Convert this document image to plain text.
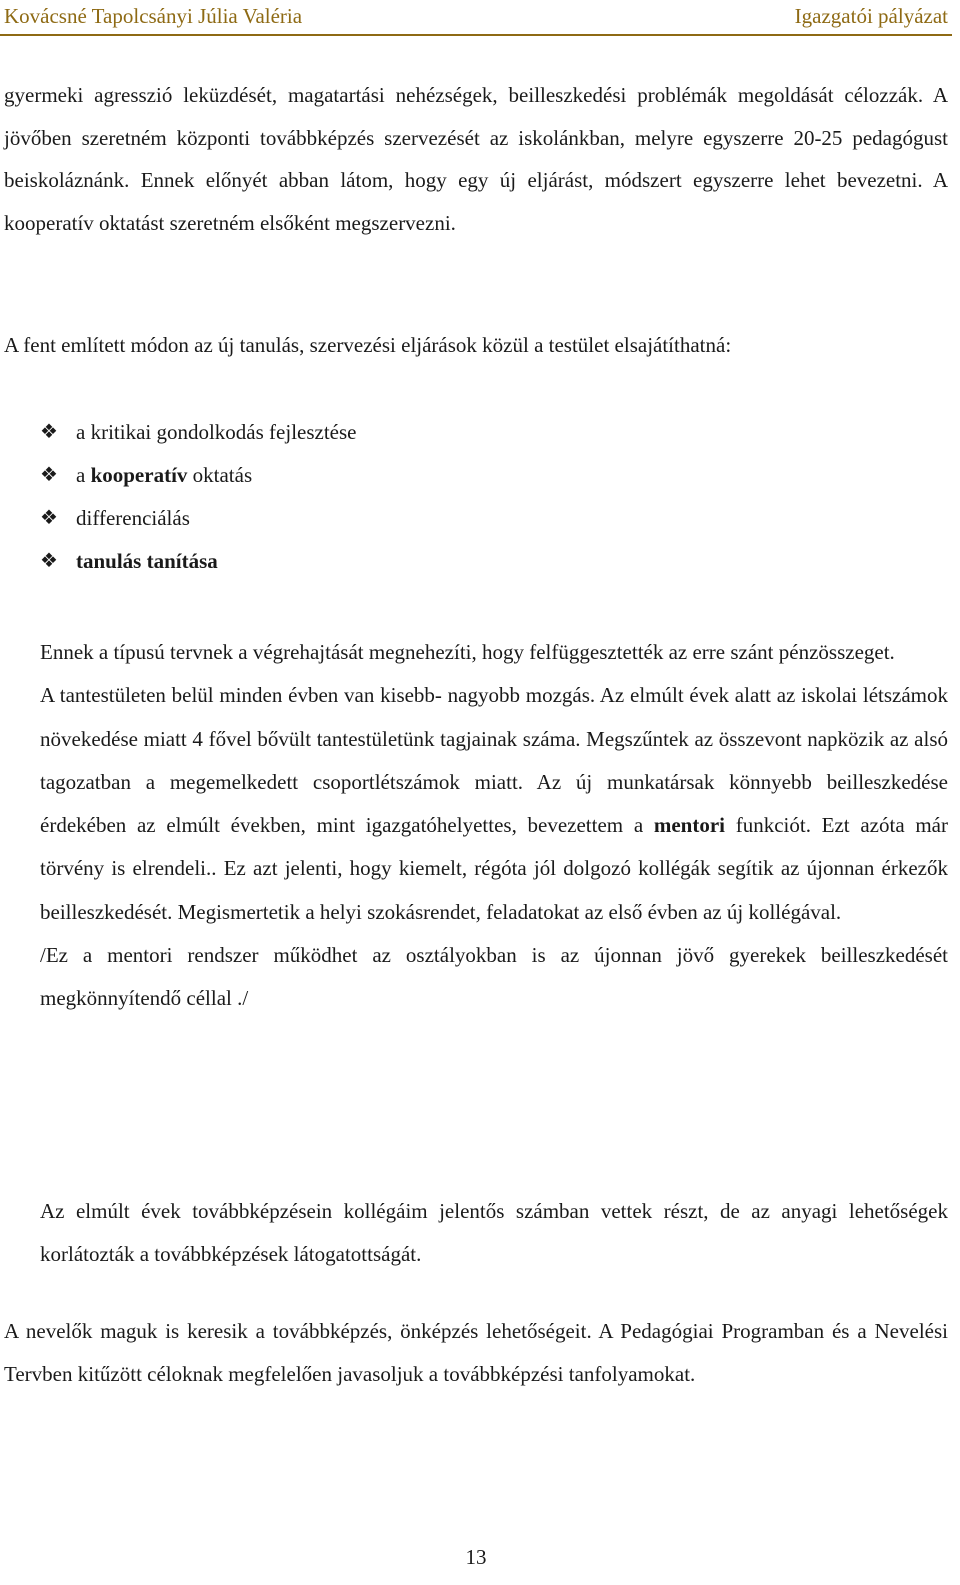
Kovácsné Tapolcsányi Júlia Valéria	Igazgatói pályázat
gyermeki agresszió leküzdését, magatartási nehézségek, beilleszkedési problémák megoldását célozzák. A jövőben szeretném központi továbbképzés szervezését az iskolánkban, melyre egyszerre 20-25 pedagógust beiskoláznánk. Ennek előnyét abban látom, hogy egy új eljárást, módszert egyszerre lehet bevezetni. A kooperatív oktatást szeretném elsőként megszervezni.
A fent említett módon az új tanulás, szervezési eljárások közül a testület elsajátíthatná:
❖ a kritikai gondolkodás fejlesztése
❖ a kooperatív oktatás
❖ differenciálás
❖ tanulás tanítása
Ennek a típusú tervnek a végrehajtását megnehezíti, hogy felfüggesztették az erre szánt pénzösszeget.
A tantestületen belül minden évben van kisebb- nagyobb mozgás. Az elmúlt évek alatt az iskolai létszámok növekedése miatt 4 fővel bővült tantestületünk tagjainak száma. Megszűntek az összevont napközik az alsó tagozatban a megemelkedett csoportlétszámok miatt. Az új munkatársak könnyebb beilleszkedése érdekében az elmúlt években, mint igazgatóhelyettes, bevezettem a mentori funkciót. Ezt azóta már törvény is elrendeli.. Ez azt jelenti, hogy kiemelt, régóta jól dolgozó kollégák segítik az újonnan érkezők beilleszkedését. Megismertetik a helyi szokásrendet, feladatokat az első évben az új kollégával.
/Ez a mentori rendszer működhet az osztályokban is az újonnan jövő gyerekek beilleszkedését megkönnyítendő céllal ./
Az elmúlt évek továbbképzésein kollégáim jelentős számban vettek részt, de az anyagi lehetőségek korlátozták a továbbképzések látogatottságát.
A nevelők maguk is keresik a továbbképzés, önképzés lehetőségeit. A Pedagógiai Programban és a Nevelési Tervben kitűzött céloknak megfelelően javasoljuk a továbbképzési tanfolyamokat.
13
